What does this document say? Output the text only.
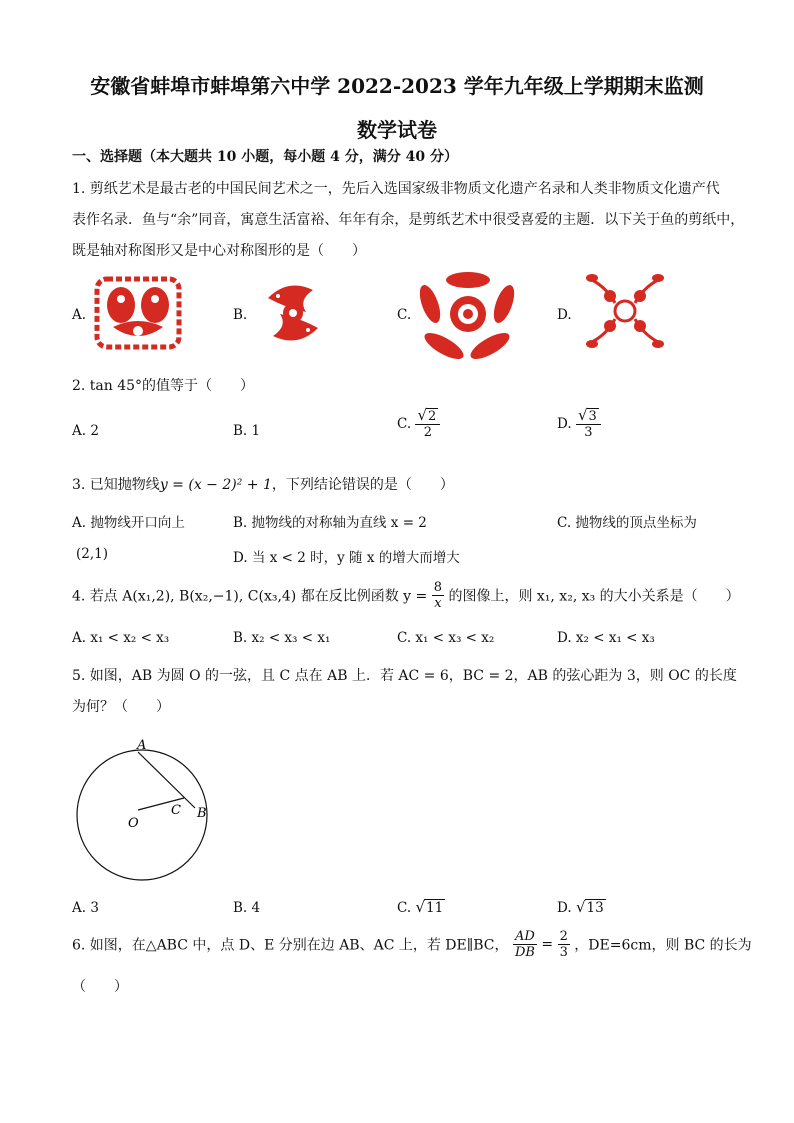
安徽省蚌埠市蚌埠第六中学 2022-2023 学年九年级上学期期末监测
数学试卷
一、选择题（本大题共 10 小题，每小题 4 分，满分 40 分）
1. 剪纸艺术是最古老的中国民间艺术之一，先后入选国家级非物质文化遗产名录和人类非物质文化遗产代
表作名录．鱼与“余”同音，寓意生活富裕、年年有余，是剪纸艺术中很受喜爱的主题．以下关于鱼的剪纸中，
既是轴对称图形又是中心对称图形的是（　　）
A.	B.	C.	D.
2. tan 45°的值等于（　　）
A. 2	B. 1	C. $\frac{√2}{2}$	D. $\frac{√3}{3}$
3. 已知抛物线y = (x − 2)² + 1，下列结论错误的是（　　）
A. 抛物线开口向上	B. 抛物线的对称轴为直线 x = 2	C. 抛物线的顶点坐标为
(2,1)	D. 当 x < 2 时，y 随 x 的增大而增大
4. 若点 A(x₁,2), B(x₂,−1), C(x₃,4) 都在反比例函数 $y = \frac{8}{x}$ 的图像上，则 x₁, x₂, x₃ 的大小关系是（　　）
A. x₁ < x₂ < x₃	B. x₂ < x₃ < x₁	C. x₁ < x₃ < x₂	D. x₂ < x₁ < x₃
5. 如图，AB 为圆 O 的一弦，且 C 点在 AB 上．若 AC = 6，BC = 2，AB 的弦心距为 3，则 OC 的长度
为何？（　　）
A
B
C
O
A. 3	B. 4	C. √11	D. √13
6. 如图，在△ABC 中，点 D、E 分别在边 AB、AC 上，若 DE∥BC， $\frac{AD}{DB} = \frac{2}{3}$ ，DE=6cm，则 BC 的长为
（　　）
